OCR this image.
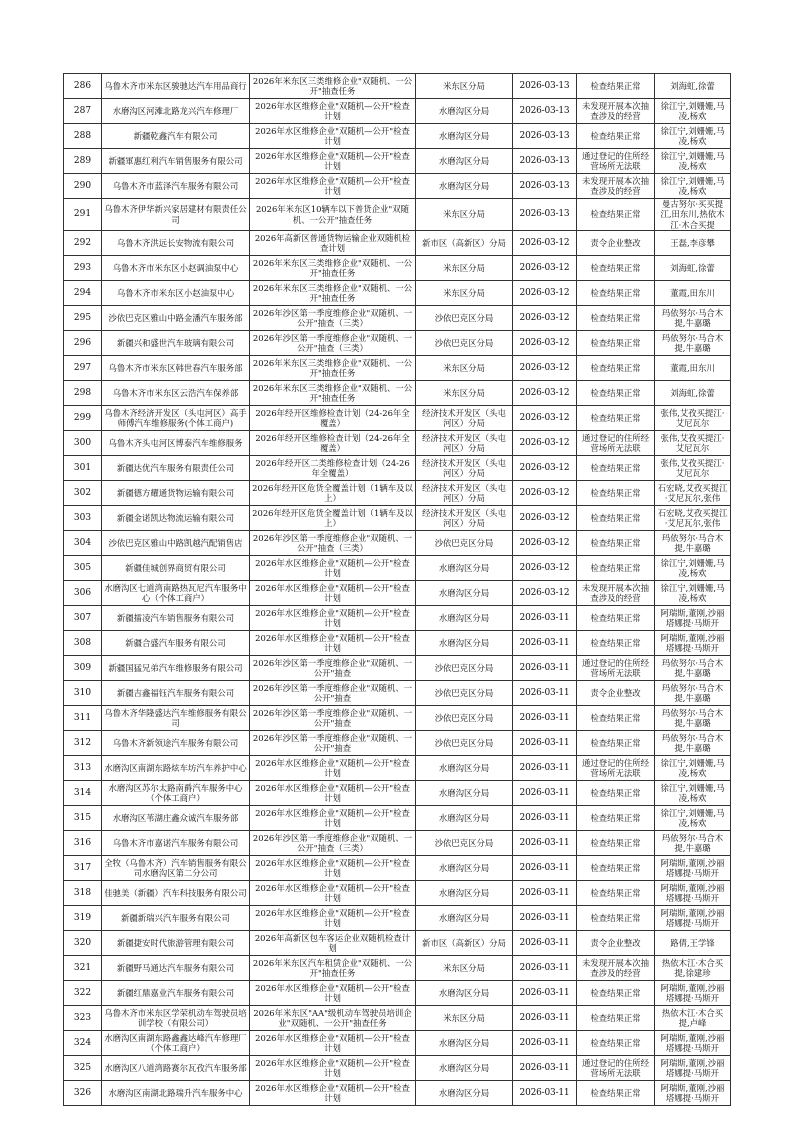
286	乌鲁木齐市米东区骏驰达汽车用品商行	2026年米东区三类维修企业"双随机、一公开"抽查任务	米东区分局	2026-03-13	检查结果正常	刘海虹,徐蕾
287	水磨沟区河滩北路龙兴汽车修理厂	2026年水区维修企业"双随机—公开"检查计划	水磨沟区分局	2026-03-13	未发现开展本次抽查涉及的经营	徐江宁,刘姗姗,马凌,杨欢
288	新疆乾鑫汽车有限公司	2026年水区维修企业"双随机—公开"检查计划	水磨沟区分局	2026-03-13	检查结果正常	徐江宁,刘姗姗,马凌,杨欢
289	新疆軍惠红利汽车销售服务有限公司	2026年水区维修企业"双随机—公开"检查计划	水磨沟区分局	2026-03-13	通过登记的住所经营场所无法联	徐江宁,刘姗姗,马凌,杨欢
290	乌鲁木齐市蓝泽汽车服务有限公司	2026年水区维修企业"双随机—公开"检查计划	水磨沟区分局	2026-03-13	未发现开展本次抽查涉及的经营	徐江宁,刘姗姗,马凌,杨欢
291	乌鲁木齐伊华新兴家居建材有限责任公司	2026年米东区10辆车以下普货企业"双随机、一公开"抽查任务	米东区分局	2026-03-13	检查结果正常	曼古努尔·买买提江,田东川,热依木江·木合买提
292	乌鲁木齐洪远长安物流有限公司	2026年高新区普通货物运输企业双随机检查计划	新市区（高新区）分局	2026-03-12	责令企业整改	王磊,李彦攀
293	乌鲁木齐市米东区小赵调油泵中心	2026年米东区三类维修企业"双随机、一公开"抽查任务	米东区分局	2026-03-12	检查结果正常	刘海虹,徐蕾
294	乌鲁木齐市米东区小赵油泵中心	2026年米东区三类维修企业"双随机、一公开"抽查任务	米东区分局	2026-03-12	检查结果正常	董霞,田东川
295	沙依巴克区雅山中路金潘汽车服务部	2026年沙区第一季度维修企业"双随机、一公开"抽查（三类）	沙依巴克区分局	2026-03-12	检查结果正常	玛依努尔·马合木提,牛嘉璐
296	新疆兴和盛世汽车玻璃有限公司	2026年沙区第一季度维修企业"双随机、一公开"抽查（三类）	沙依巴克区分局	2026-03-12	检查结果正常	玛依努尔·马合木提,牛嘉璐
297	乌鲁木齐市米东区韩世春汽车服务部	2026年米东区三类维修企业"双随机、一公开"抽查任务	米东区分局	2026-03-12	检查结果正常	董霞,田东川
298	乌鲁木齐市米东区云浩汽车保养部	2026年米东区三类维修企业"双随机、一公开"抽查任务	米东区分局	2026-03-12	检查结果正常	刘海虹,徐蕾
299	乌鲁木齐经济开发区（头屯河区）高手师傅汽车维修服务(个体工商户)	2026年经开区维修检查计划（24-26年全覆盖）	经济技术开发区（头屯河区）分局	2026-03-12	检查结果正常	张伟,艾孜买提江·艾尼瓦尔
300	乌鲁木齐头屯河区博泰汽车维修服务	2026年经开区维修检查计划（24-26年全覆盖）	经济技术开发区（头屯河区）分局	2026-03-12	通过登记的住所经营场所无法联	张伟,艾孜买提江·艾尼瓦尔
301	新疆达优汽车服务有限责任公司	2026年经开区二类维修检查计划（24-26年全覆盖）	经济技术开发区（头屯河区）分局	2026-03-12	检查结果正常	张伟,艾孜买提江·艾尼瓦尔
302	新疆德方耀通货物运输有限公司	2026年经开区危货全覆盖计划（1辆车及以上）	经济技术开发区（头屯河区）分局	2026-03-12	检查结果正常	石宏晓,艾孜买提江·艾尼瓦尔,张伟
303	新疆金诺凯达物流运输有限公司	2026年经开区危货全覆盖计划（1辆车及以上）	经济技术开发区（头屯河区）分局	2026-03-12	检查结果正常	石宏晓,艾孜买提江·艾尼瓦尔,张伟
304	沙依巴克区雅山中路凯越汽配销售店	2026年沙区第一季度维修企业"双随机、一公开"抽查（三类）	沙依巴克区分局	2026-03-12	检查结果正常	玛依努尔·马合木提,牛嘉璐
305	新疆佳城创界商贸有限公司	2026年水区维修企业"双随机—公开"检查计划	水磨沟区分局	2026-03-12	检查结果正常	徐江宁,刘姗姗,马凌,杨欢
306	水磨沟区七道湾南路热瓦尼汽车服务中心（个体工商户）	2026年水区维修企业"双随机—公开"检查计划	水磨沟区分局	2026-03-12	未发现开展本次抽查涉及的经营	徐江宁,刘姗姗,马凌,杨欢
307	新疆擂凌汽车销售服务有限公司	2026年水区维修企业"双随机—公开"检查计划	水磨沟区分局	2026-03-11	检查结果正常	阿瑞斯,董刚,沙丽塔娜提·马斯开
308	新疆合盛汽车服务有限公司	2026年水区维修企业"双随机—公开"检查计划	水磨沟区分局	2026-03-11	检查结果正常	阿瑞斯,董刚,沙丽塔娜提·马斯开
309	新疆国猛兄弟汽车维修服务有限公司	2026年沙区第一季度维修企业"双随机、一公开"抽查	沙依巴克区分局	2026-03-11	通过登记的住所经营场所无法联	玛依努尔·马合木提,牛嘉璐
310	新疆吉鑫福钰汽车服务有限公司	2026年沙区第一季度维修企业"双随机、一公开"抽查	沙依巴克区分局	2026-03-11	责令企业整改	玛依努尔·马合木提,牛嘉璐
311	乌鲁木齐华隆盛达汽车维修服务有限公司	2026年沙区第一季度维修企业"双随机、一公开"抽查	沙依巴克区分局	2026-03-11	检查结果正常	玛依努尔·马合木提,牛嘉璐
312	乌鲁木齐新领途汽车服务有限公司	2026年沙区第一季度维修企业"双随机、一公开"抽查	沙依巴克区分局	2026-03-11	检查结果正常	玛依努尔·马合木提,牛嘉璐
313	水磨沟区南湖东路炫车坊汽车养护中心	2026年水区维修企业"双随机—公开"检查计划	水磨沟区分局	2026-03-11	通过登记的住所经营场所无法联	徐江宁,刘姗姗,马凌,杨欢
314	水磨沟区苏尔太路南爵汽车服务中心（个体工商户）	2026年水区维修企业"双随机—公开"检查计划	水磨沟区分局	2026-03-11	检查结果正常	徐江宁,刘姗姗,马凌,杨欢
315	水磨沟区苇湖庄鑫众诚汽车服务部	2026年水区维修企业"双随机—公开"检查计划	水磨沟区分局	2026-03-11	检查结果正常	徐江宁,刘姗姗,马凌,杨欢
316	乌鲁木齐市嘉诺汽车服务有限公司	2026年沙区第一季度维修企业"双随机、一公开"抽查（三类）	沙依巴克区分局	2026-03-11	检查结果正常	玛依努尔·马合木提,牛嘉璐
317	全牧（乌鲁木齐）汽车销售服务有限公司水磨沟区第二分公司	2026年水区维修企业"双随机—公开"检查计划	水磨沟区分局	2026-03-11	检查结果正常	阿瑞斯,董刚,沙丽塔娜提·马斯开
318	佳驰美（新疆）汽车科技服务有限公司	2026年水区维修企业"双随机—公开"检查计划	水磨沟区分局	2026-03-11	检查结果正常	阿瑞斯,董刚,沙丽塔娜提·马斯开
319	新疆新瑞兴汽车服务有限公司	2026年水区维修企业"双随机—公开"检查计划	水磨沟区分局	2026-03-11	检查结果正常	阿瑞斯,董刚,沙丽塔娜提·马斯开
320	新疆捷安时代旅游管理有限公司	2026年高新区包车客运企业双随机检查计划	新市区（高新区）分局	2026-03-11	责令企业整改	路倩,王学锋
321	新疆野马通达汽车服务有限公司	2026年米东区汽车租赁企业"双随机、一公开"抽查任务	米东区分局	2026-03-11	未发现开展本次抽查涉及的经营	热依木江·木合买提,徐建珍
322	新疆红鼎嘉业汽车服务有限公司	2026年水区维修企业"双随机—公开"检查计划	水磨沟区分局	2026-03-11	检查结果正常	阿瑞斯,董刚,沙丽塔娜提·马斯开
323	乌鲁木齐市米东区学荣机动车驾驶员培训学校（有限公司）	2026年米东区"AA"级机动车驾驶员培训企业"双随机、一公开"抽查任务	米东区分局	2026-03-11	检查结果正常	热依木江·木合买提,卢峰
324	水磨沟区南湖东路鑫鑫达峰汽车修理厂（个体工商户）	2026年水区维修企业"双随机—公开"检查计划	水磨沟区分局	2026-03-11	检查结果正常	阿瑞斯,董刚,沙丽塔娜提·马斯开
325	水磨沟区八道湾路赛尔瓦孜汽车服务部	2026年水区维修企业"双随机—公开"检查计划	水磨沟区分局	2026-03-11	通过登记的住所经营场所无法联	阿瑞斯,董刚,沙丽塔娜提·马斯开
326	水磨沟区南湖北路瑞升汽车服务中心	2026年水区维修企业"双随机—公开"检查计划	水磨沟区分局	2026-03-11	检查结果正常	阿瑞斯,董刚,沙丽塔娜提·马斯开
